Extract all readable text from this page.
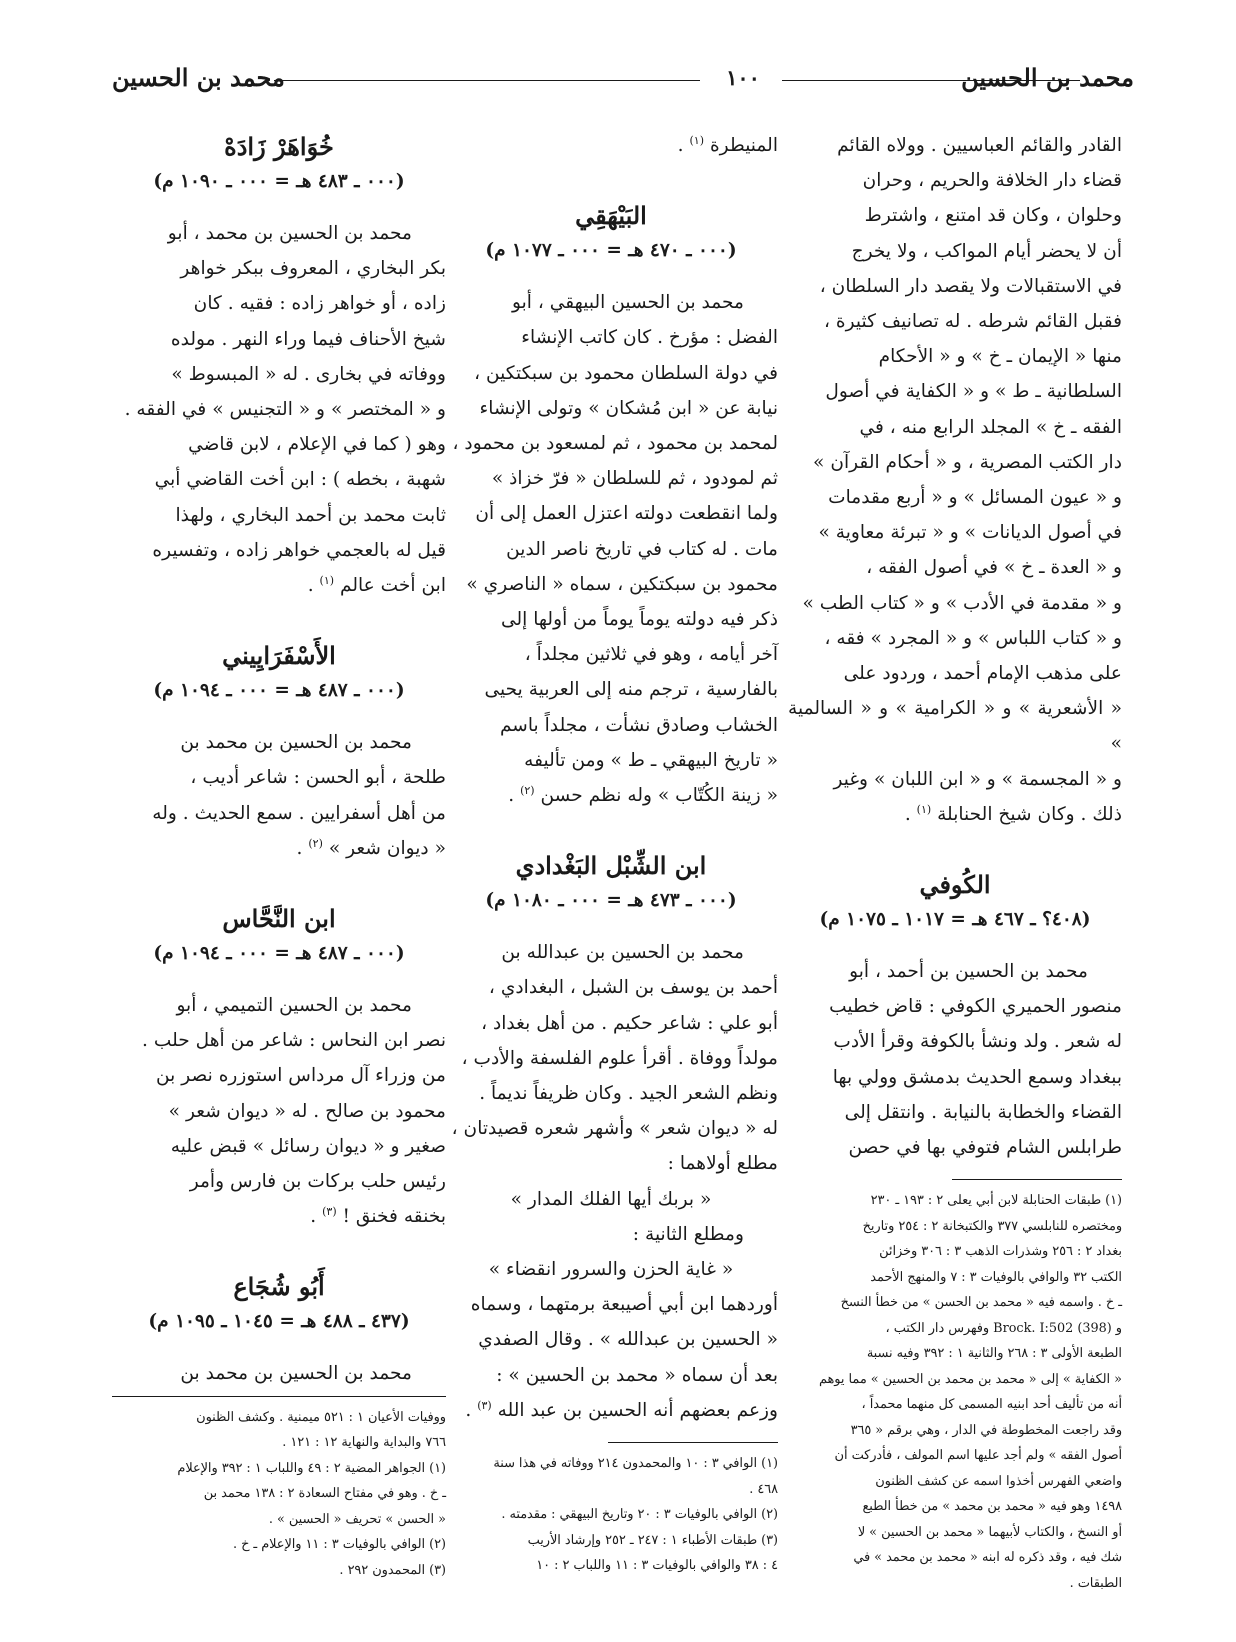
محمد بن الحسين	١٠٠	محمد بن الحسين

القادر والقائم العباسيين . وولاه القائم

قضاء دار الخلافة والحريم ، وحران

وحلوان ، وكان قد امتنع ، واشترط

أن لا يحضر أيام المواكب ، ولا يخرج

في الاستقبالات ولا يقصد دار السلطان ،

فقبل القائم شرطه . له تصانيف كثيرة ،

منها « الإيمان ـ خ » و « الأحكام

السلطانية ـ ط » و « الكفاية في أصول

الفقه ـ خ » المجلد الرابع منه ، في

دار الكتب المصرية ، و « أحكام القرآن »

و « عيون المسائل » و « أربع مقدمات

في أصول الديانات » و « تبرئة معاوية »

و « العدة ـ خ » في أصول الفقه ،

و « مقدمة في الأدب » و « كتاب الطب »

و « كتاب اللباس » و « المجرد » فقه ،

على مذهب الإمام أحمد ، وردود على

« الأشعرية » و « الكرامية » و « السالمية »

و « المجسمة » و « ابن اللبان » وغير

ذلك . وكان شيخ الحنابلة $^{(١)}$ .

الكُوفي
(٤٠٨؟ ـ ٤٦٧ هـ = ١٠١٧ ـ ١٠٧٥ م)

محمد بن الحسين بن أحمد ، أبو

منصور الحميري الكوفي : قاض خطيب

له شعر . ولد ونشأ بالكوفة وقرأ الأدب

ببغداد وسمع الحديث بدمشق وولي بها

القضاء والخطابة بالنيابة . وانتقل إلى

طرابلس الشام فتوفي بها في حصن

(١) طبقات الحنابلة لابن أبي يعلى ٢ : ١٩٣ ـ ٢٣٠

ومختصره للنابلسي ٣٧٧ والكتبخانة ٢ : ٢٥٤ وتاريخ

بغداد ٢ : ٢٥٦ وشذرات الذهب ٣ : ٣٠٦ وخزائن

الكتب ٣٢ والوافي بالوفيات ٣ : ٧ والمنهج الأحمد

ـ خ . واسمه فيه « محمد بن الحسن » من خطأ النسخ

و (398) Brock. I:502 وفهرس دار الكتب ،

الطبعة الأولى ٣ : ٢٦٨ والثانية ١ : ٣٩٢ وفيه نسبة

« الكفاية » إلى « محمد بن محمد بن الحسين » مما يوهم

أنه من تأليف أحد ابنيه المسمى كل منهما محمداً ،

وقد راجعت المخطوطة في الدار ، وهي برقم « ٣٦٥

أصول الفقه » ولم أجد عليها اسم المولف ، فأدركت أن

واضعي الفهرس أخذوا اسمه عن كشف الظنون

١٤٩٨ وهو فيه « محمد بن محمد » من خطأ الطبع

أو النسخ ، والكتاب لأبيهما « محمد بن الحسين » لا

شك فيه ، وقد ذكره له ابنه « محمد بن محمد » في

الطبقات .

المنيطرة $^{(١)}$ .

البَيْهَقِي
(٠٠٠ ـ ٤٧٠ هـ = ٠٠٠ ـ ١٠٧٧ م)

محمد بن الحسين البيهقي ، أبو

الفضل : مؤرخ . كان كاتب الإنشاء

في دولة السلطان محمود بن سبكتكين ،

نيابة عن « ابن مُشكان » وتولى الإنشاء

لمحمد بن محمود ، ثم لمسعود بن محمود ،

ثم لمودود ، ثم للسلطان « فرّ خزاذ »

ولما انقطعت دولته اعتزل العمل إلى أن

مات . له كتاب في تاريخ ناصر الدين

محمود بن سبكتكين ، سماه « الناصري »

ذكر فيه دولته يوماً يوماً من أولها إلى

آخر أيامه ، وهو في ثلاثين مجلداً ،

بالفارسية ، ترجم منه إلى العربية يحيى

الخشاب وصادق نشأت ، مجلداً باسم

« تاريخ البيهقي ـ ط » ومن تأليفه

« زينة الكُتّاب » وله نظم حسن $^{(٢)}$ .

ابن الشِّبْل البَغْدادي
(٠٠٠ ـ ٤٧٣ هـ = ٠٠٠ ـ ١٠٨٠ م)

محمد بن الحسين بن عبدالله بن

أحمد بن يوسف بن الشبل ، البغدادي ،

أبو علي : شاعر حكيم . من أهل بغداد ،

مولداً ووفاة . أقرأ علوم الفلسفة والأدب ،

ونظم الشعر الجيد . وكان ظريفاً نديماً .

له « ديوان شعر » وأشهر شعره قصيدتان ،

مطلع أولاهما :

« بربك أيها الفلك المدار »

ومطلع الثانية :

« غاية الحزن والسرور انقضاء »

أوردهما ابن أبي أصيبعة برمتهما ، وسماه

« الحسين بن عبدالله » . وقال الصفدي

بعد أن سماه « محمد بن الحسين » :

وزعم بعضهم أنه الحسين بن عبد الله $^{(٣)}$ .

(١) الوافي ٣ : ١٠ والمحمدون ٢١٤ ووفاته في هذا سنة

٤٦٨ .

(٢) الوافي بالوفيات ٣ : ٢٠ وتاريخ البيهقي : مقدمته .

(٣) طبقات الأطباء ١ : ٢٤٧ ـ ٢٥٢ وإرشاد الأريب

٤ : ٣٨ والوافي بالوفيات ٣ : ١١ واللباب ٢ : ١٠

خُوَاهَرْ زَادَهْ
(٠٠٠ ـ ٤٨٣ هـ = ٠٠٠ ـ ١٠٩٠ م)

محمد بن الحسين بن محمد ، أبو

بكر البخاري ، المعروف ببكر خواهر

زاده ، أو خواهر زاده : فقيه . كان

شيخ الأحناف فيما وراء النهر . مولده

ووفاته في بخارى . له « المبسوط »

و « المختصر » و « التجنيس » في الفقه .

وهو ( كما في الإعلام ، لابن قاضي

شهبة ، بخطه ) : ابن أخت القاضي أبي

ثابت محمد بن أحمد البخاري ، ولهذا

قيل له بالعجمي خواهر زاده ، وتفسيره

ابن أخت عالم $^{(١)}$ .

الأَسْفَرَايِيني
(٠٠٠ ـ ٤٨٧ هـ = ٠٠٠ ـ ١٠٩٤ م)

محمد بن الحسين بن محمد بن

طلحة ، أبو الحسن : شاعر أديب ،

من أهل أسفرايين . سمع الحديث . وله

« ديوان شعر » $^{(٢)}$ .

ابن النَّحَّاس
(٠٠٠ ـ ٤٨٧ هـ = ٠٠٠ ـ ١٠٩٤ م)

محمد بن الحسين التميمي ، أبو

نصر ابن النحاس : شاعر من أهل حلب .

من وزراء آل مرداس استوزره نصر بن

محمود بن صالح . له « ديوان شعر »

صغير و « ديوان رسائل » قبض عليه

رئيس حلب بركات بن فارس وأمر

بخنقه فخنق ! $^{(٣)}$ .

أَبُو شُجَاع
(٤٣٧ ـ ٤٨٨ هـ = ١٠٤٥ ـ ١٠٩٥ م)

محمد بن الحسين بن محمد بن

ووفيات الأعيان ١ : ٥٢١ ميمنية . وكشف الظنون

٧٦٦ والبداية والنهاية ١٢ : ١٢١ .

(١) الجواهر المضية ٢ : ٤٩ واللباب ١ : ٣٩٢ والإعلام

ـ خ . وهو في مفتاح السعادة ٢ : ١٣٨ محمد بن

« الحسن » تحريف « الحسين » .

(٢) الوافي بالوفيات ٣ : ١١ والإعلام ـ خ .

(٣) المحمدون ٢٩٢ .
